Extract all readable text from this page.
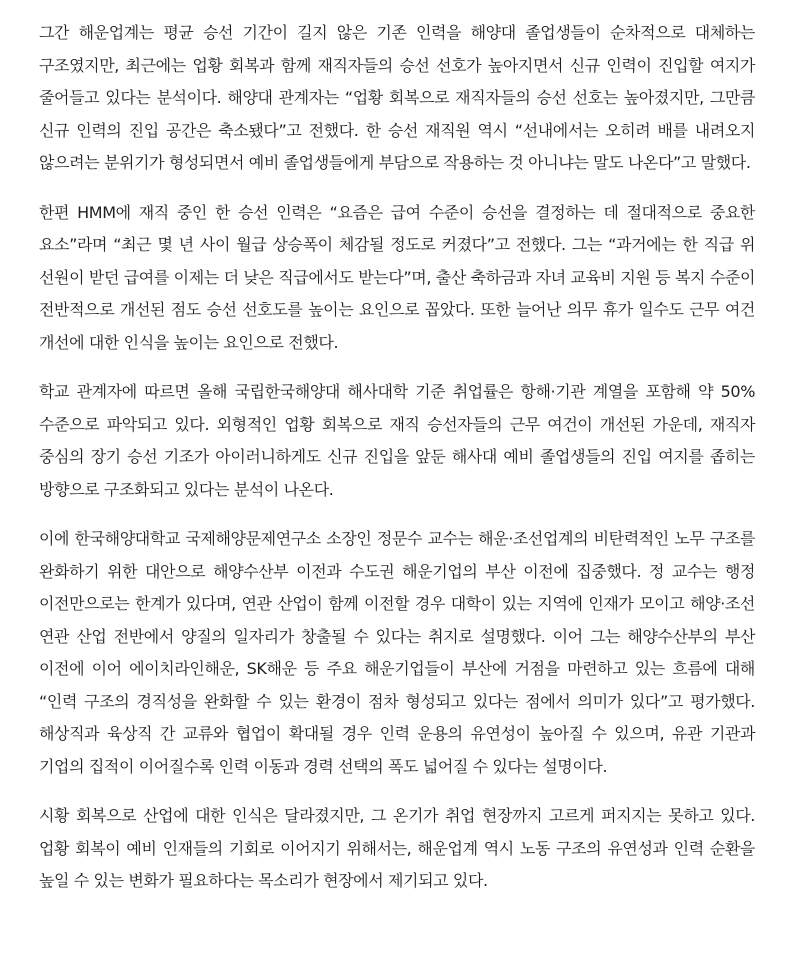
그간 해운업계는 평균 승선 기간이 길지 않은 기존 인력을 해양대 졸업생들이 순차적으로 대체하는 구조였지만, 최근에는 업황 회복과 함께 재직자들의 승선 선호가 높아지면서 신규 인력이 진입할 여지가 줄어들고 있다는 분석이다. 해양대 관계자는 “업황 회복으로 재직자들의 승선 선호는 높아졌지만, 그만큼 신규 인력의 진입 공간은 축소됐다”고 전했다. 한 승선 재직원 역시 “선내에서는 오히려 배를 내려오지 않으려는 분위기가 형성되면서 예비 졸업생들에게 부담으로 작용하는 것 아니냐는 말도 나온다”고 말했다.

한편 HMM에 재직 중인 한 승선 인력은 “요즘은 급여 수준이 승선을 결정하는 데 절대적으로 중요한 요소”라며 “최근 몇 년 사이 월급 상승폭이 체감될 정도로 커졌다”고 전했다. 그는 “과거에는 한 직급 위 선원이 받던 급여를 이제는 더 낮은 직급에서도 받는다”며, 출산 축하금과 자녀 교육비 지원 등 복지 수준이 전반적으로 개선된 점도 승선 선호도를 높이는 요인으로 꼽았다. 또한 늘어난 의무 휴가 일수도 근무 여건 개선에 대한 인식을 높이는 요인으로 전했다.

학교 관계자에 따르면 올해 국립한국해양대 해사대학 기준 취업률은 항해·기관 계열을 포함해 약 50% 수준으로 파악되고 있다. 외형적인 업황 회복으로 재직 승선자들의 근무 여건이 개선된 가운데, 재직자 중심의 장기 승선 기조가 아이러니하게도 신규 진입을 앞둔 해사대 예비 졸업생들의 진입 여지를 좁히는 방향으로 구조화되고 있다는 분석이 나온다.

이에 한국해양대학교 국제해양문제연구소 소장인 정문수 교수는 해운·조선업계의 비탄력적인 노무 구조를 완화하기 위한 대안으로 해양수산부 이전과 수도권 해운기업의 부산 이전에 집중했다. 정 교수는 행정 이전만으로는 한계가 있다며, 연관 산업이 함께 이전할 경우 대학이 있는 지역에 인재가 모이고 해양·조선 연관 산업 전반에서 양질의 일자리가 창출될 수 있다는 취지로 설명했다. 이어 그는 해양수산부의 부산 이전에 이어 에이치라인해운, SK해운 등 주요 해운기업들이 부산에 거점을 마련하고 있는 흐름에 대해 “인력 구조의 경직성을 완화할 수 있는 환경이 점차 형성되고 있다는 점에서 의미가 있다”고 평가했다. 해상직과 육상직 간 교류와 협업이 확대될 경우 인력 운용의 유연성이 높아질 수 있으며, 유관 기관과 기업의 집적이 이어질수록 인력 이동과 경력 선택의 폭도 넓어질 수 있다는 설명이다.

시황 회복으로 산업에 대한 인식은 달라졌지만, 그 온기가 취업 현장까지 고르게 퍼지지는 못하고 있다. 업황 회복이 예비 인재들의 기회로 이어지기 위해서는, 해운업계 역시 노동 구조의 유연성과 인력 순환을 높일 수 있는 변화가 필요하다는 목소리가 현장에서 제기되고 있다.
